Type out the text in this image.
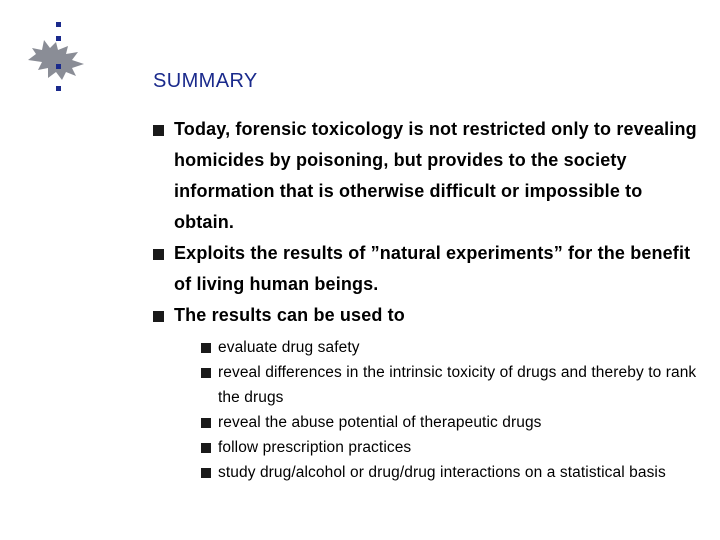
SUMMARY
Today, forensic toxicology is not restricted only to revealing homicides by poisoning, but provides to the society information that is otherwise difficult or impossible to obtain.
Exploits the results of ”natural experiments” for the benefit of living human beings.
The results can be used to
evaluate drug safety
reveal differences in the intrinsic toxicity of drugs and thereby to rank the drugs
reveal the abuse potential of therapeutic drugs
follow prescription practices
study drug/alcohol or drug/drug interactions on a statistical basis
